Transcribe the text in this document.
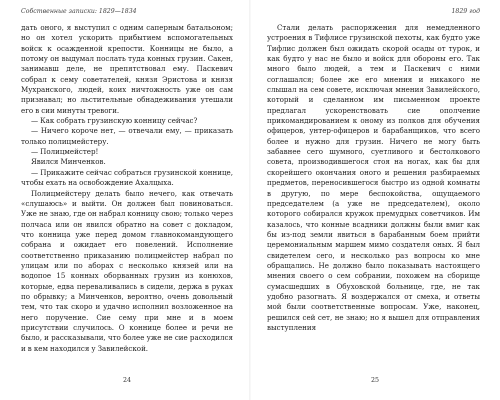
Собственные записки: 1829—1834

дать оного, я выступил с одним саперным батальоном; но он хотел ускорить прибытием вспомогательных войск к осажденной крепости. Конницы не было, а потому он выдумал послать туда конных грузин. Сакен, занимавш деле, не препятствовал ему. Паскевич собрал к сему советателей, князя Эристова и князя Мухранского, людей, коих ничтожность уже он сам признавал; но льстительные обнадеживания утешали его в сии минуты тревоги.

— Как собрать грузинскую конницу сейчас?

— Ничего короче нет, — отвечали ему, — приказать только полицмейстеру.

— Полицмейстер!

Явился Минченков.

— Прикажите сейчас собраться грузинской коннице, чтобы ехать на освобождение Ахалцыха.

Полицмейстеру делать было нечего, как отвечать «слушаюсь» и выйти. Он должен был повиноваться. Уже не знаю, где он набрал конницу свою; только через полчаса или он явился обратно на совет с докладом, что конница уже перед домом главнокомандующего собрана и ожидает его повелений. Исполнение соответственно приказанию полицмейстер набрал по улицам или по аборах с несколько князей или на водопое 15 конных оборванных грузин из конюхов, которые, едва переваливались в сидели, держа в руках по обрывку; а Минченков, вероятно, очень довольный тем, что так скоро и удачно исполнил возложенное на него поручение. Сие сему при мне и в моем присутствии случилось. О коннице более и речи не было, и рассказывали, что более уже не сие расходился и в кем находился у Завилейской.

24
1829 год

Стали делать распоряжения для немедленного устроения в Тифлисе грузинской пехоты, как будто уже Тифлис должен был ожидать скорой осады от турок, и как будто у нас не было и войск для обороны его. Так много было людей, а тем и Паскевич с ними соглашался; более же его мнения и никакого не слышал на сем совете, исключая мнения Завилейского, который и сделанном им письменном проекте предлагал ускоренствовать сие ополчение прикомандированием к оному из полков для обучения офицеров, унтер-офицеров и барабанщиков, что всего более и нужно для грузин. Ничего не могу быть забавнее сего шумного, суетливого и бестолкового совета, производившегося стоя на ногах, как бы для скорейшего окончания оного и решения разбираемых предметов, переносившегося быстро из одной комнаты в другую, по мере беспокойства, ощущаемого председателем (а уже не председателем), около которого собирался кружок премудрых советчиков. Им казалось, что конные всадники должны были вмиг как бы из-под земли явиться в барабанным боем прийти церемониальным маршем мимо создателя оных. Я был свидетелем сего, и несколько раз вопросы ко мне обращались. Не должно было показывать настоящего мнения своего о сем собрании, похожем на сборище сумасшедших в Обуховской больнице, где, не так удобно разогнать. Я воздержался от смеха, и ответы мой были соответственные вопросам. Уже, наконец, решился сей сет, не знаю; но я вышел для отправления выступления

25
